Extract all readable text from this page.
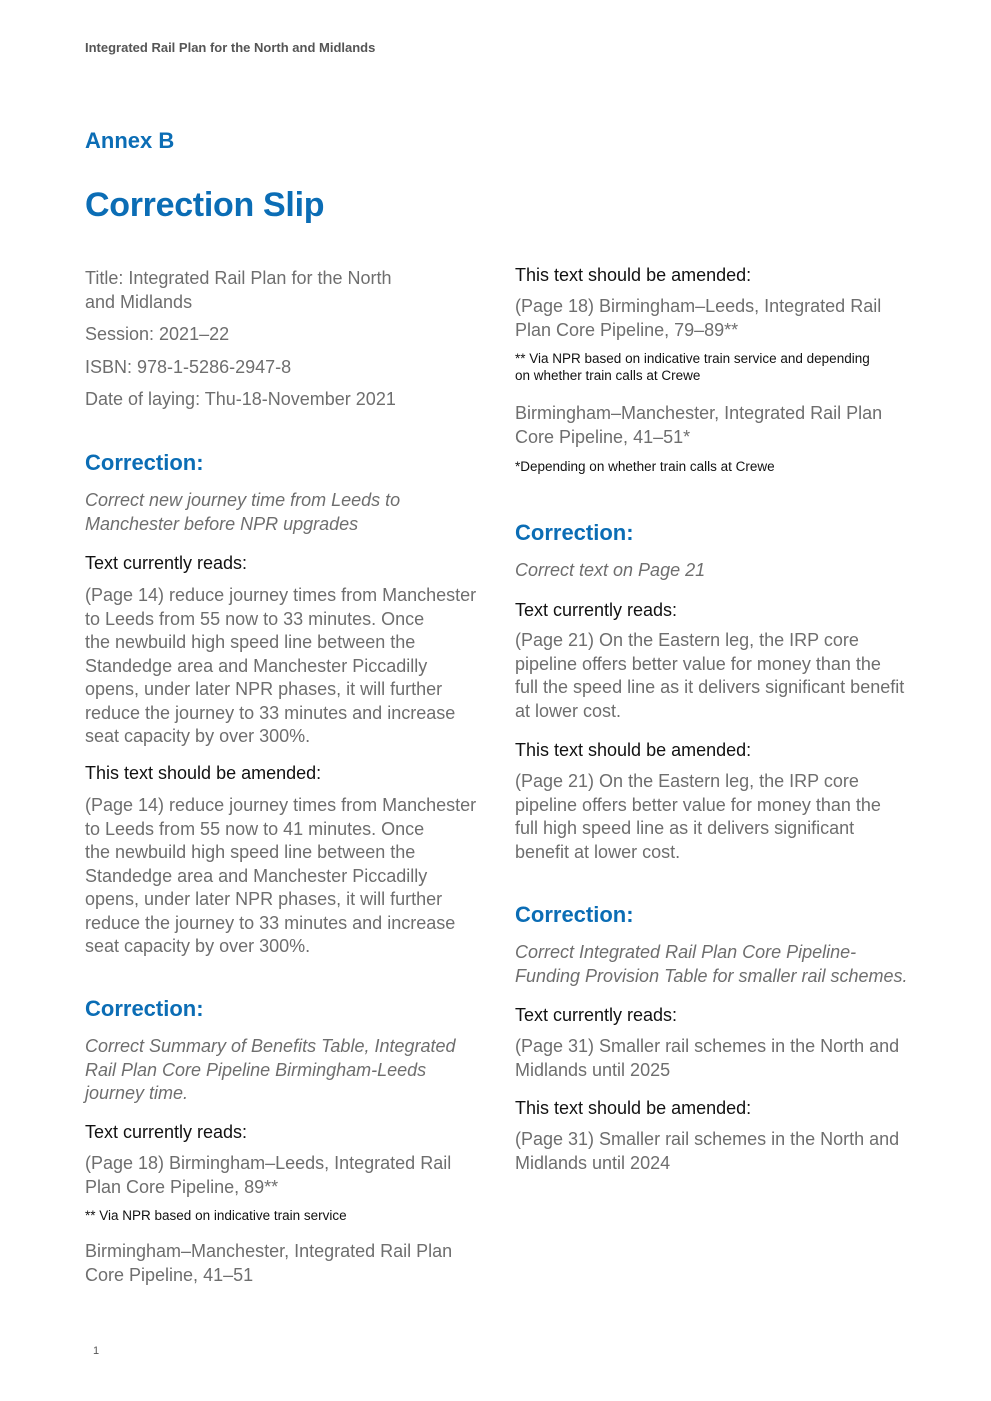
Integrated Rail Plan for the North and Midlands
Annex B
Correction Slip
Title: Integrated Rail Plan for the North
and Midlands
Session: 2021–22
ISBN: 978-1-5286-2947-8
Date of laying: Thu-18-November 2021
Correction:
Correct new journey time from Leeds to
Manchester before NPR upgrades
Text currently reads:
(Page 14) reduce journey times from Manchester
to Leeds from 55 now to 33 minutes. Once
the newbuild high speed line between the
Standedge area and Manchester Piccadilly
opens, under later NPR phases, it will further
reduce the journey to 33 minutes and increase
seat capacity by over 300%.
This text should be amended:
(Page 14) reduce journey times from Manchester
to Leeds from 55 now to 41 minutes. Once
the newbuild high speed line between the
Standedge area and Manchester Piccadilly
opens, under later NPR phases, it will further
reduce the journey to 33 minutes and increase
seat capacity by over 300%.
Correction:
Correct Summary of Benefits Table, Integrated
Rail Plan Core Pipeline Birmingham-Leeds
journey time.
Text currently reads:
(Page 18) Birmingham–Leeds, Integrated Rail
Plan Core Pipeline, 89**
** Via NPR based on indicative train service
Birmingham–Manchester, Integrated Rail Plan
Core Pipeline, 41–51
This text should be amended:
(Page 18) Birmingham–Leeds, Integrated Rail
Plan Core Pipeline, 79–89**
** Via NPR based on indicative train service and depending
on whether train calls at Crewe
Birmingham–Manchester, Integrated Rail Plan
Core Pipeline, 41–51*
*Depending on whether train calls at Crewe
Correction:
Correct text on Page 21
Text currently reads:
(Page 21) On the Eastern leg, the IRP core
pipeline offers better value for money than the
full the speed line as it delivers significant benefit
at lower cost.
This text should be amended:
(Page 21) On the Eastern leg, the IRP core
pipeline offers better value for money than the
full high speed line as it delivers significant
benefit at lower cost.
Correction:
Correct Integrated Rail Plan Core Pipeline-
Funding Provision Table for smaller rail schemes.
Text currently reads:
(Page 31) Smaller rail schemes in the North and
Midlands until 2025
This text should be amended:
(Page 31) Smaller rail schemes in the North and
Midlands until 2024
1
